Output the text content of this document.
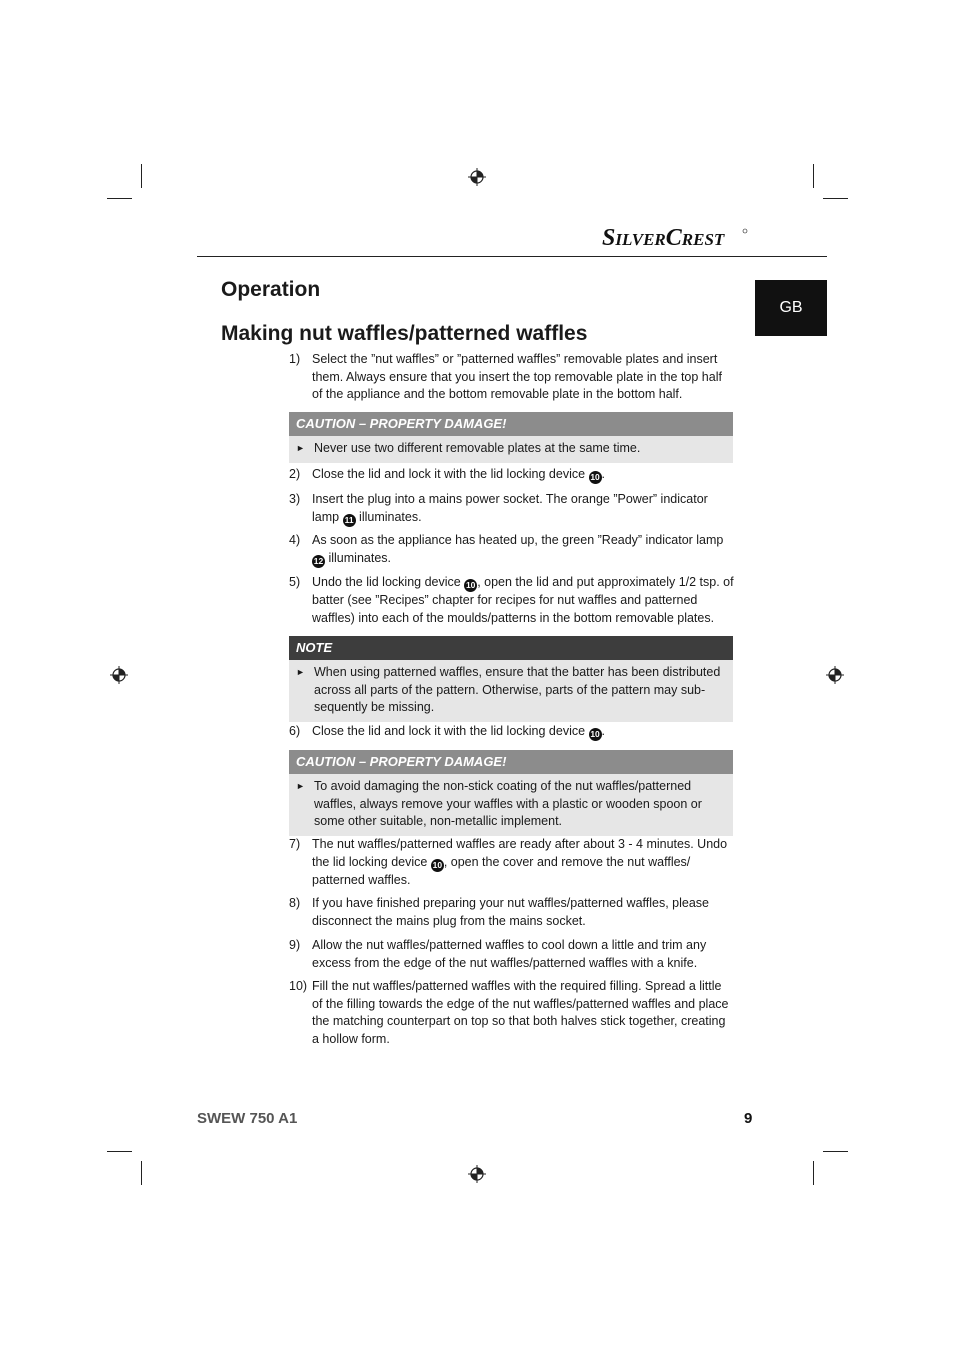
SILVERCREST
GB
Operation
Making nut waffles/patterned waffles
1) Select the ”nut waffles” or ”patterned waffles” removable plates and insert them. Always ensure that you insert the top removable plate in the top half of the appliance and the bottom removable plate in the bottom half.
CAUTION – PROPERTY DAMAGE!
► Never use two different removable plates at the same time.
2) Close the lid and lock it with the lid locking device 10 .
3) Insert the plug into a mains power socket. The orange ”Power” indicator lamp 11 illuminates.
4) As soon as the appliance has heated up, the green ”Ready” indicator lamp 12 illuminates.
5) Undo the lid locking device 10 , open the lid and put approximately 1/2 tsp. of batter (see ”Recipes” chapter for recipes for nut waffles and patterned waffles) into each of the moulds/patterns in the bottom removable plates.
NOTE
► When using patterned waffles, ensure that the batter has been distributed across all parts of the pattern. Otherwise, parts of the pattern may sub-sequently be missing.
6) Close the lid and lock it with the lid locking device 10 .
CAUTION – PROPERTY DAMAGE!
► To avoid damaging the non-stick coating of the nut waffles/patterned waffles, always remove your waffles with a plastic or wooden spoon or some other suitable, non-metallic implement.
7) The nut waffles/patterned waffles are ready after about 3 - 4 minutes. Undo the lid locking device 10 , open the cover and remove the nut waffles/ patterned waffles.
8) If you have finished preparing your nut waffles/patterned waffles, please disconnect the mains plug from the mains socket.
9) Allow the nut waffles/patterned waffles to cool down a little and trim any excess from the edge of the nut waffles/patterned waffles with a knife.
10) Fill the nut waffles/patterned waffles with the required filling. Spread a little of the filling towards the edge of the nut waffles/patterned waffles and place the matching counterpart on top so that both halves stick together, creating a hollow form.
SWEW 750 A1	9
